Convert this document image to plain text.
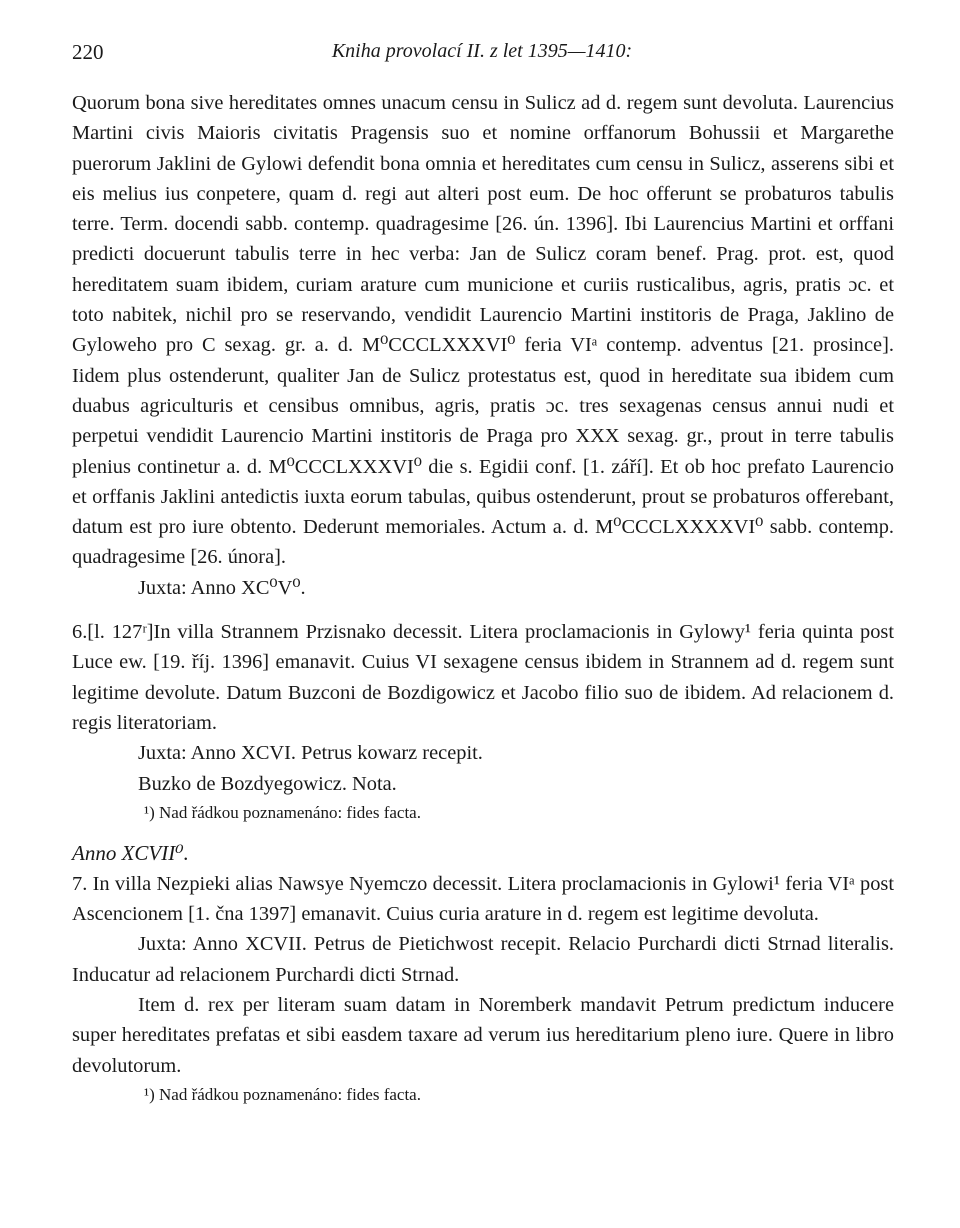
220	Kniha provolací II. z let 1395—1410:

Quorum bona sive hereditates omnes unacum censu in Sulicz ad d. regem sunt devoluta. Laurencius Martini civis Maioris civitatis Pragensis suo et nomine orffanorum Bohussii et Margarethe puerorum Jaklini de Gylowi defendit bona omnia et hereditates cum censu in Sulicz, asserens sibi et eis melius ius conpetere, quam d. regi aut alteri post eum. De hoc offerunt se probaturos tabulis terre. Term. docendi sabb. contemp. quadragesime [26. ún. 1396]. Ibi Laurencius Martini et orffani predicti docuerunt tabulis terre in hec verba: Jan de Sulicz coram benef. Prag. prot. est, quod hereditatem suam ibidem, curiam arature cum municione et curiis rusticalibus, agris, pratis ɔc. et toto nabitek, nichil pro se reservando, vendidit Laurencio Martini institoris de Praga, Jaklino de Gyloweho pro C sexag. gr. a. d. M⁰CCCLXXXVI⁰ feria VIᵃ contemp. adventus [21. prosince]. Iidem plus ostenderunt, qualiter Jan de Sulicz protestatus est, quod in hereditate sua ibidem cum duabus agriculturis et censibus omnibus, agris, pratis ɔc. tres sexagenas census annui nudi et perpetui vendidit Laurencio Martini institoris de Praga pro XXX sexag. gr., prout in terre tabulis plenius continetur a. d. M⁰CCCLXXXVI⁰ die s. Egidii conf. [1. září]. Et ob hoc prefato Laurencio et orffanis Jaklini antedictis iuxta eorum tabulas, quibus ostenderunt, prout se probaturos offerebant, datum est pro iure obtento. Dederunt memoriales. Actum a. d. M⁰CCCLXXXXVI⁰ sabb. contemp. quadragesime [26. února].

Juxta: Anno XC⁰V⁰.

6.[l. 127ʳ]In villa Strannem Przisnako decessit. Litera proclamacionis in Gylowy¹ feria quinta post Luce ew. [19. říj. 1396] emanavit. Cuius VI sexagene census ibidem in Strannem ad d. regem sunt legitime devolute. Datum Buzconi de Bozdigowicz et Jacobo filio suo de ibidem. Ad relacionem d. regis literatoriam.

Juxta: Anno XCVI. Petrus kowarz recepit.

Buzko de Bozdyegowicz. Nota.

¹) Nad řádkou poznamenáno: fides facta.

Anno XCVII⁰.

7. In villa Nezpieki alias Nawsye Nyemczo decessit. Litera proclamacionis in Gylowi¹ feria VIᵃ post Ascencionem [1. čna 1397] emanavit. Cuius curia arature in d. regem est legitime devoluta.

Juxta: Anno XCVII. Petrus de Pietichwost recepit. Relacio Purchardi dicti Strnad literalis. Inducatur ad relacionem Purchardi dicti Strnad.

Item d. rex per literam suam datam in Noremberk mandavit Petrum predictum inducere super hereditates prefatas et sibi easdem taxare ad verum ius hereditarium pleno iure. Quere in libro devolutorum.

¹) Nad řádkou poznamenáno: fides facta.
